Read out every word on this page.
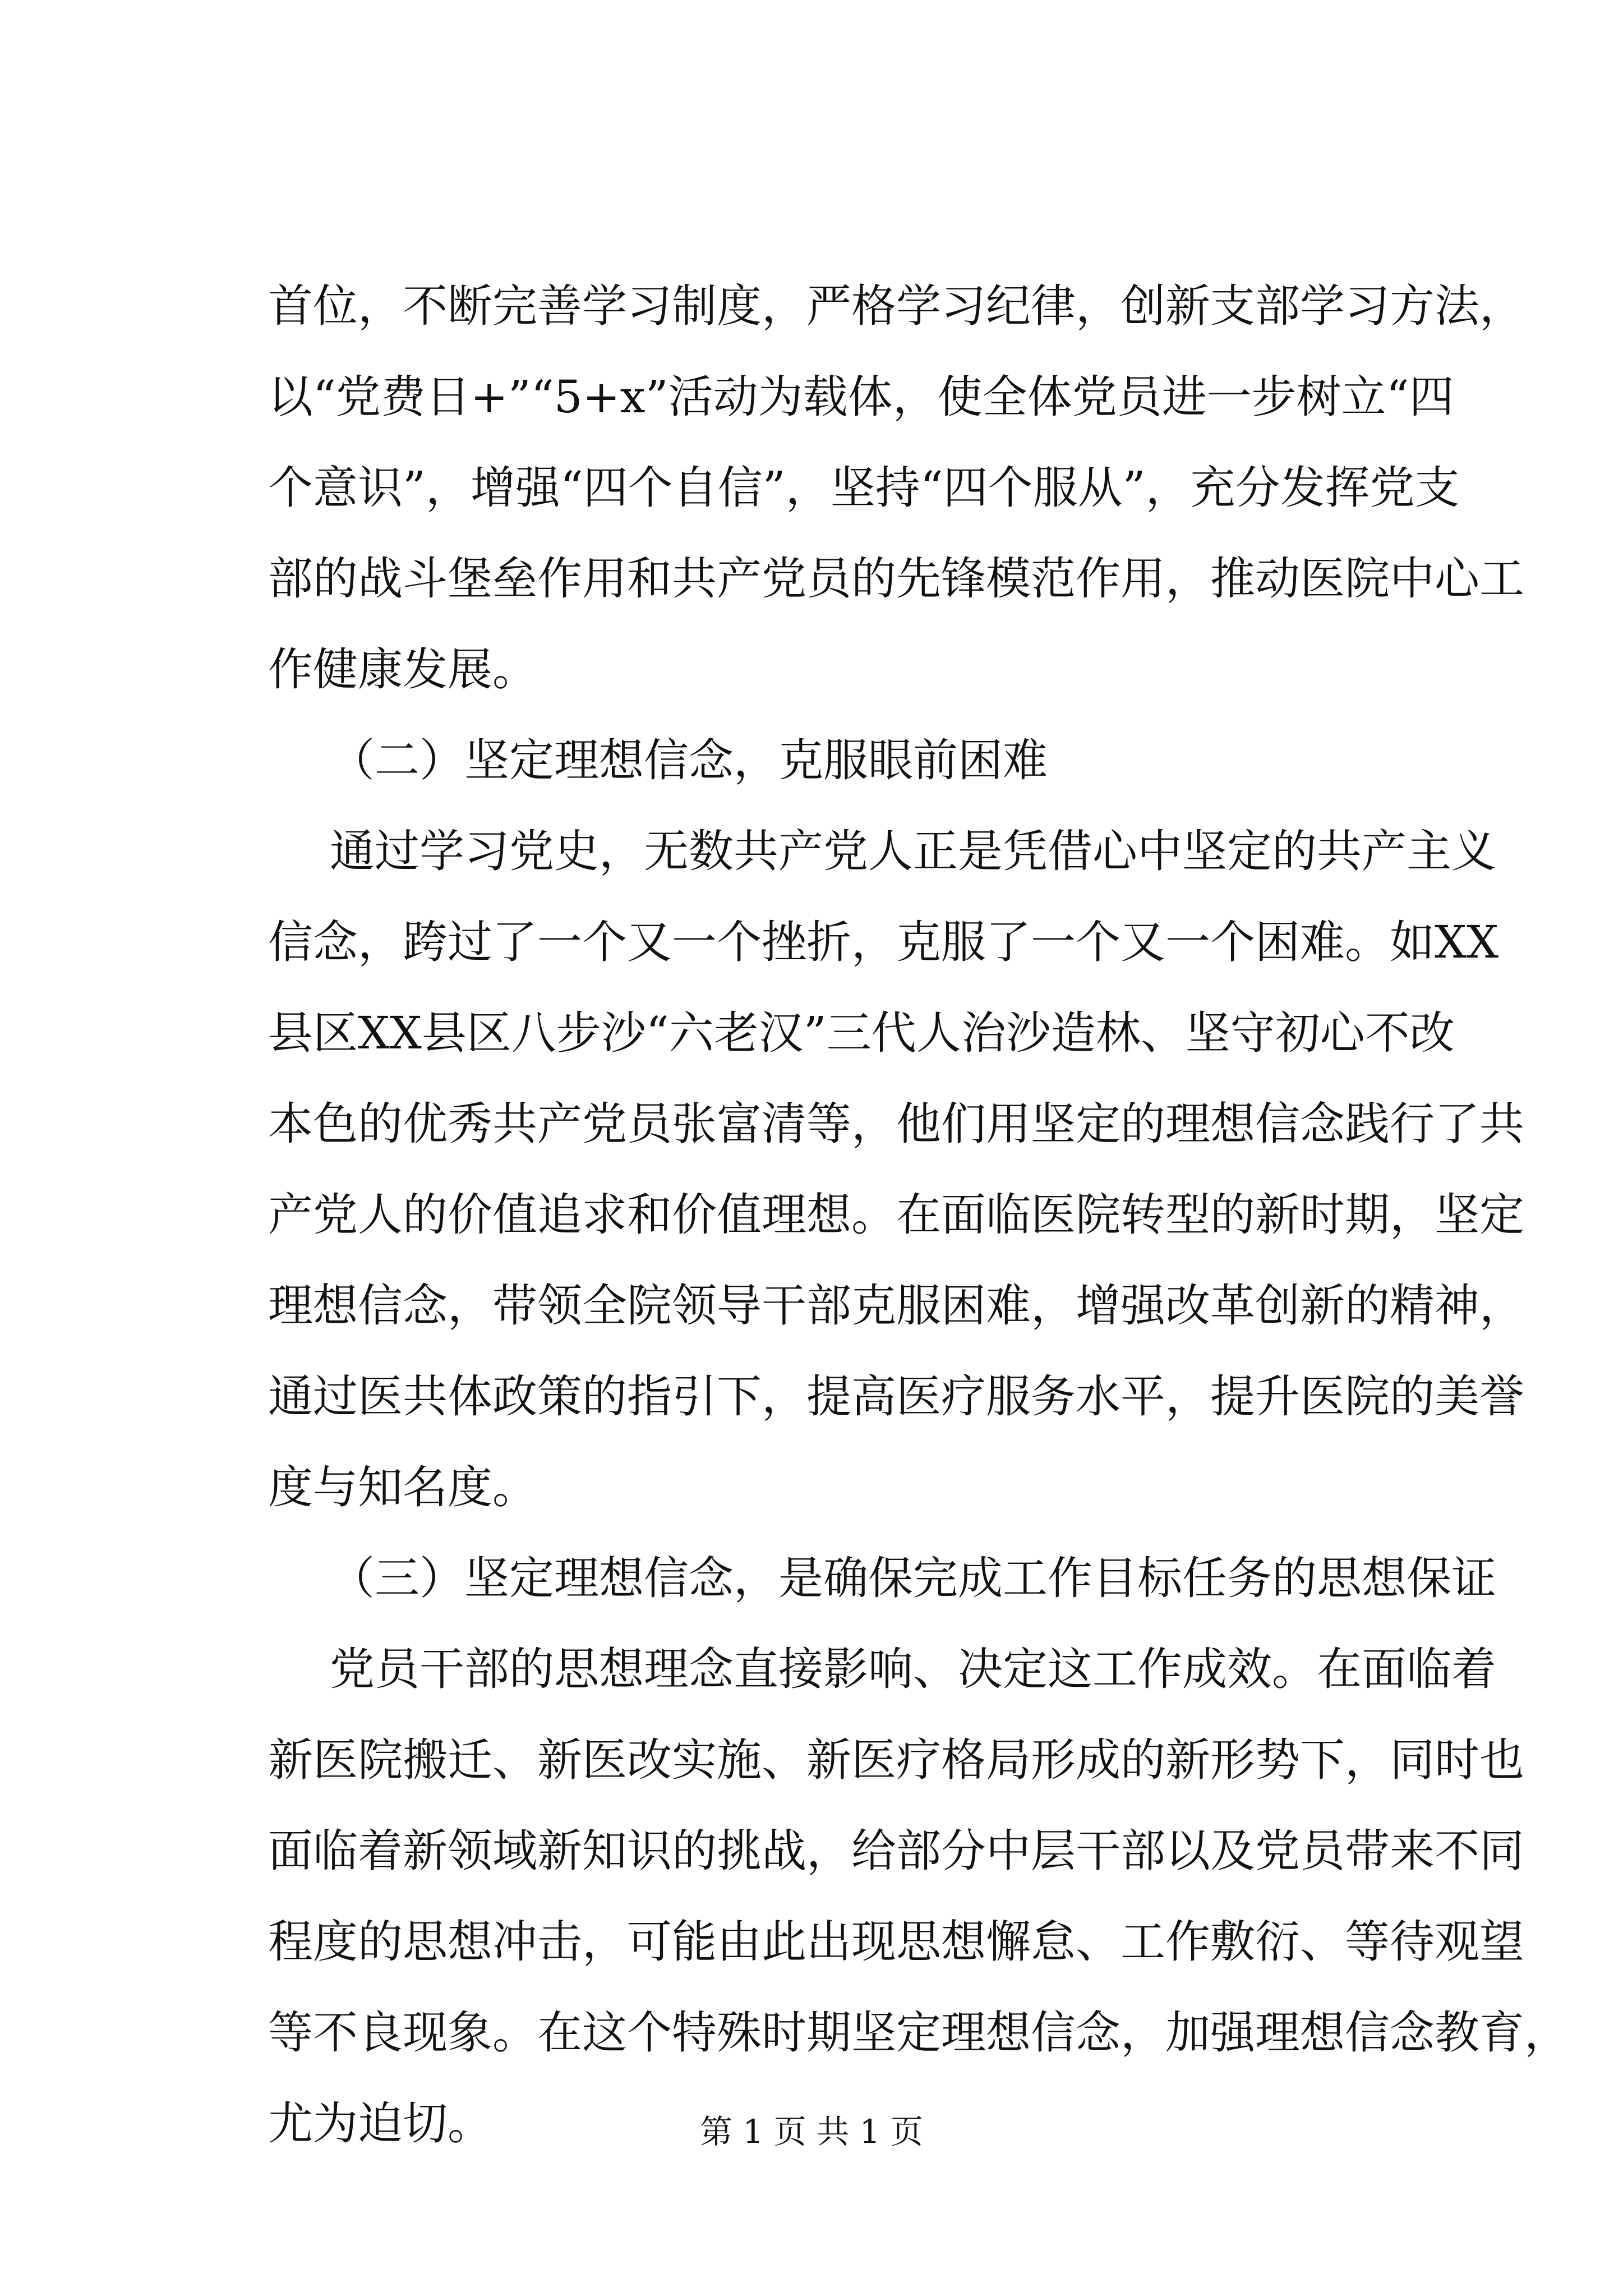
首位，不断完善学习制度，严格学习纪律，创新支部学习方法，
以“党费日+”“5+x”活动为载体，使全体党员进一步树立“四
个意识”，增强“四个自信”，坚持“四个服从”，充分发挥党支
部的战斗堡垒作用和共产党员的先锋模范作用，推动医院中心工
作健康发展。
（二）坚定理想信念，克服眼前困难
通过学习党史，无数共产党人正是凭借心中坚定的共产主义
信念，跨过了一个又一个挫折，克服了一个又一个困难。如XX
县区XX县区八步沙“六老汉”三代人治沙造林、坚守初心不改
本色的优秀共产党员张富清等，他们用坚定的理想信念践行了共
产党人的价值追求和价值理想。在面临医院转型的新时期，坚定
理想信念，带领全院领导干部克服困难，增强改革创新的精神，
通过医共体政策的指引下，提高医疗服务水平，提升医院的美誉
度与知名度。
（三）坚定理想信念，是确保完成工作目标任务的思想保证
党员干部的思想理念直接影响、决定这工作成效。在面临着
新医院搬迁、新医改实施、新医疗格局形成的新形势下，同时也
面临着新领域新知识的挑战，给部分中层干部以及党员带来不同
程度的思想冲击，可能由此出现思想懈怠、工作敷衍、等待观望
等不良现象。在这个特殊时期坚定理想信念，加强理想信念教育，
尤为迫切。	第 1 页 共 1 页
